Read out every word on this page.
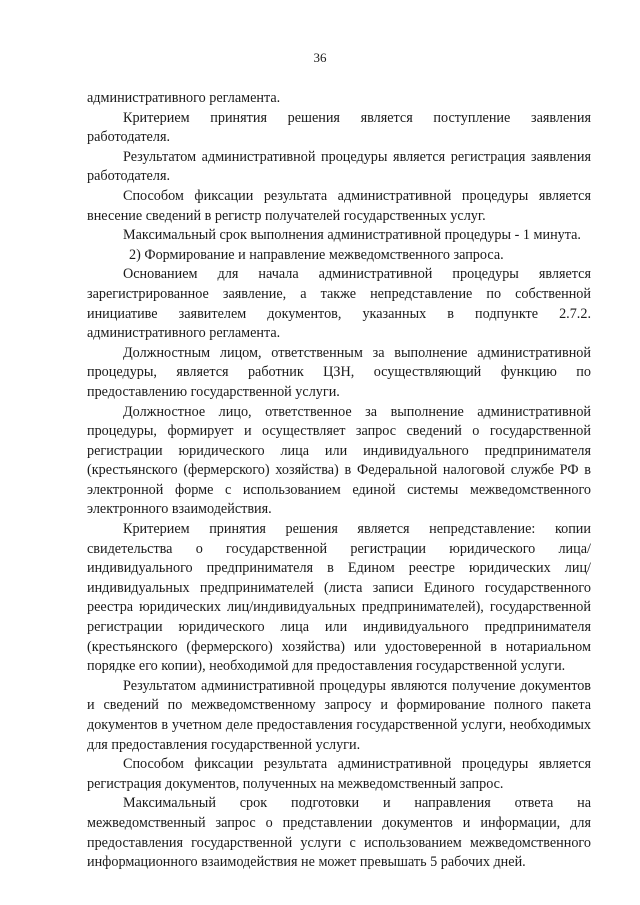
36

административного регламента.

Критерием принятия решения является поступление заявления работодателя.

Результатом административной процедуры является регистрация заявления работодателя.

Способом фиксации результата административной процедуры является внесение сведений в регистр получателей государственных услуг.

Максимальный срок выполнения административной процедуры - 1 минута.

2) Формирование и направление межведомственного запроса.

Основанием для начала административной процедуры является зарегистрированное заявление, а также непредставление по собственной инициативе заявителем документов, указанных в подпункте 2.7.2. административного регламента.

Должностным лицом, ответственным за выполнение административной процедуры, является работник ЦЗН, осуществляющий функцию по предоставлению государственной услуги.

Должностное лицо, ответственное за выполнение административной процедуры, формирует и осуществляет запрос сведений о государственной регистрации юридического лица или индивидуального предпринимателя (крестьянского (фермерского) хозяйства) в Федеральной налоговой службе РФ в электронной форме с использованием единой системы межведомственного электронного взаимодействия.

Критерием принятия решения является непредставление: копии свидетельства о государственной регистрации юридического лица/индивидуального предпринимателя в Едином реестре юридических лиц/индивидуальных предпринимателей (листа записи Единого государственного реестра юридических лиц/индивидуальных предпринимателей), государственной регистрации юридического лица или индивидуального предпринимателя (крестьянского (фермерского) хозяйства) или удостоверенной в нотариальном порядке его копии), необходимой для предоставления государственной услуги.

Результатом административной процедуры являются получение документов и сведений по межведомственному запросу и формирование полного пакета документов в учетном деле предоставления государственной услуги, необходимых для предоставления государственной услуги.

Способом фиксации результата административной процедуры является регистрация документов, полученных на межведомственный запрос.

Максимальный срок подготовки и направления ответа на межведомственный запрос о представлении документов и информации, для предоставления государственной услуги с использованием межведомственного информационного взаимодействия не может превышать 5 рабочих дней.
